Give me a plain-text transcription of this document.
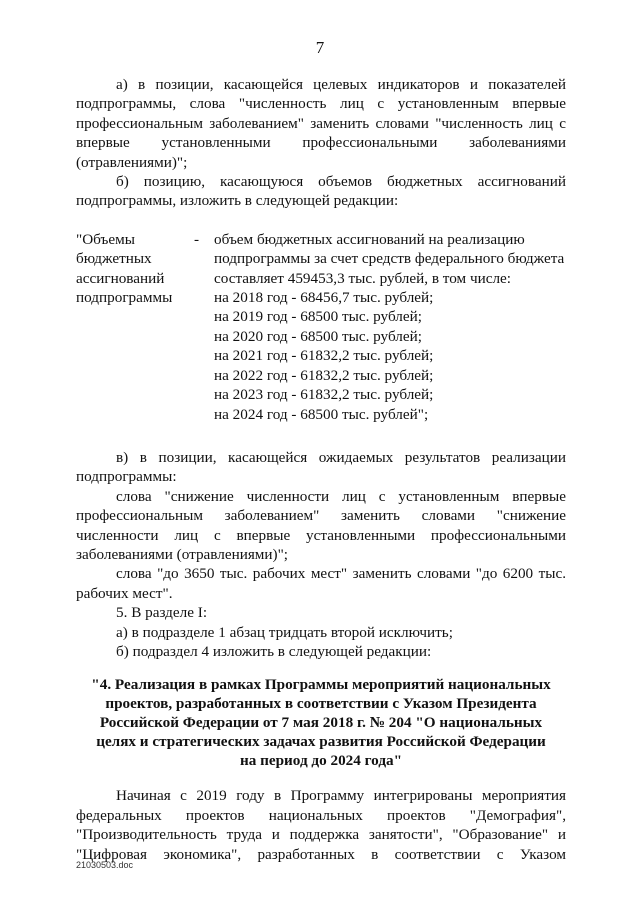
7

а) в позиции, касающейся целевых индикаторов и показателей подпрограммы, слова "численность лиц с установленным впервые профессиональным заболеванием" заменить словами "численность лиц с впервые установленными профессиональными заболеваниями (отравлениями)";

б) позицию, касающуюся объемов бюджетных ассигнований подпрограммы, изложить в следующей редакции:

"Объемы
бюджетных
ассигнований
подпрограммы
- объем бюджетных ассигнований на реализацию
подпрограммы за счет средств федерального бюджета
составляет 459453,3 тыс. рублей, в том числе:
на 2018 год - 68456,7 тыс. рублей;
на 2019 год - 68500 тыс. рублей;
на 2020 год - 68500 тыс. рублей;
на 2021 год - 61832,2 тыс. рублей;
на 2022 год - 61832,2 тыс. рублей;
на 2023 год - 61832,2 тыс. рублей;
на 2024 год - 68500 тыс. рублей";

в) в позиции, касающейся ожидаемых результатов реализации подпрограммы:

слова "снижение численности лиц с установленным впервые профессиональным заболеванием" заменить словами "снижение численности лиц с впервые установленными профессиональными заболеваниями (отравлениями)";

слова "до 3650 тыс. рабочих мест" заменить словами "до 6200 тыс. рабочих мест".

5. В разделе I:

а) в подразделе 1 абзац тридцать второй исключить;

б) подраздел 4 изложить в следующей редакции:

"4. Реализация в рамках Программы мероприятий национальных
проектов, разработанных в соответствии с Указом Президента
Российской Федерации от 7 мая 2018 г. № 204 "О национальных
целях и стратегических задачах развития Российской Федерации
на период до 2024 года"

Начиная с 2019 году в Программу интегрированы мероприятия федеральных проектов национальных проектов "Демография", "Производительность труда и поддержка занятости", "Образование" и "Цифровая экономика", разработанных в соответствии с Указом

21030503.doc
